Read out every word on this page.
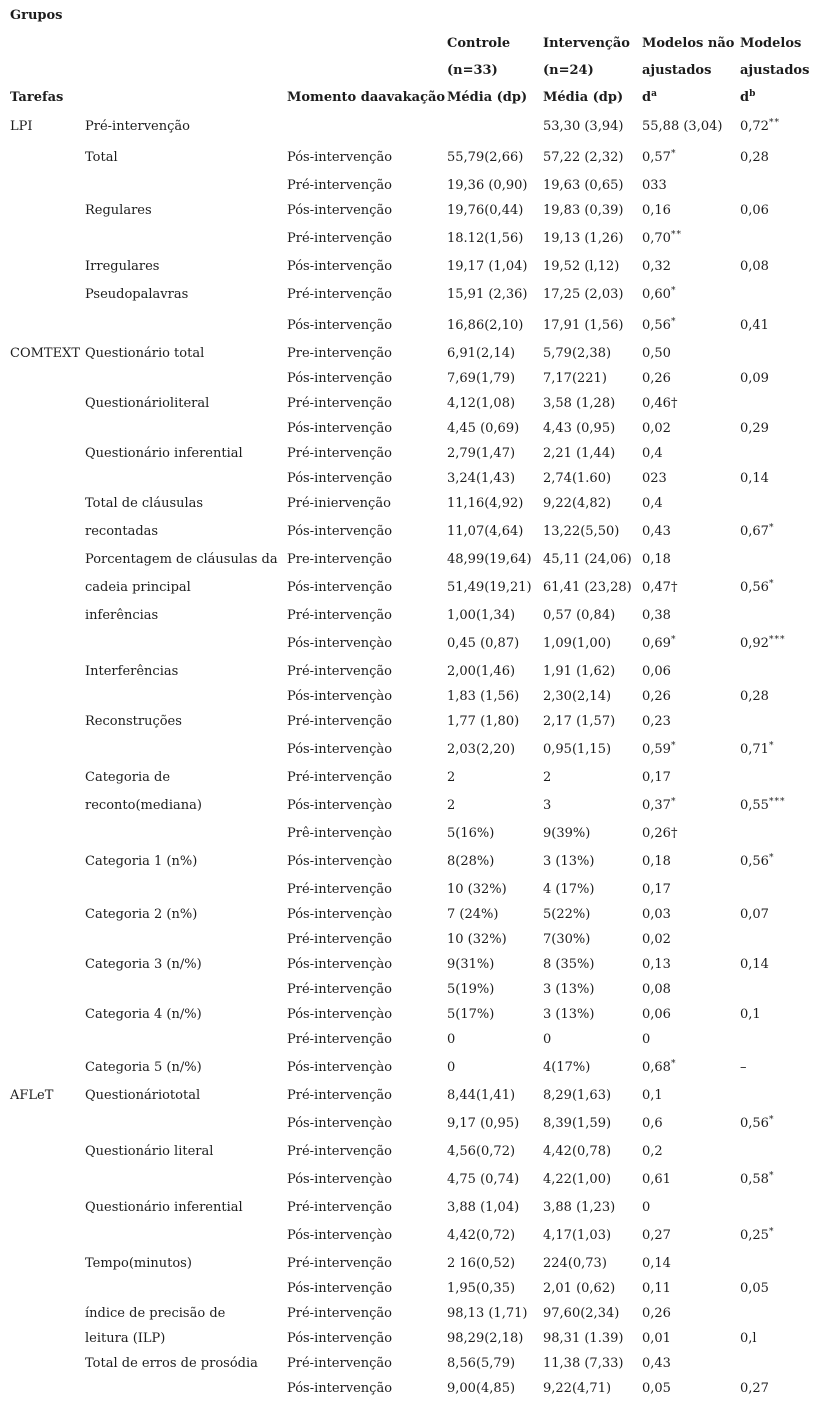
Grupos						
			Controle	Intervenção	Modelos não	Modelos
			(n=33)	(n=24)	ajustados	ajustados
Tarefas		Momento daavakação	Média (dp)	Média (dp)	$d^a$	$d^b$
LPI	Pré-intervenção			53,30 (3,94)	55,88 (3,04)	0,72**
	Total	Pós-intervenção	55,79(2,66)	57,22 (2,32)	0,57*	0,28
		Pré-intervenção	19,36 (0,90)	19,63 (0,65)	033	
	Regulares	Pós-intervenção	19,76(0,44)	19,83 (0,39)	0,16	0,06
		Pré-intervenção	18.12(1,56)	19,13 (1,26)	0,70**	
	Irregulares	Pós-intervenção	19,17 (1,04)	19,52 (l,12)	0,32	0,08
	Pseudopalavras	Pré-intervenção	15,91 (2,36)	17,25 (2,03)	0,60*	
		Pós-intervenção	16,86(2,10)	17,91 (1,56)	0,56*	0,41
COMTEXT	Questionário total	Pre-intervenção	6,91(2,14)	5,79(2,38)	0,50	
		Pós-intervenção	7,69(1,79)	7,17(221)	0,26	0,09
	Questionárioliteral	Pré-intervenção	4,12(1,08)	3,58 (1,28)	0,46†	
		Pós-intervenção	4,45 (0,69)	4,43 (0,95)	0,02	0,29
	Questionário inferential	Pré-intervenção	2,79(1,47)	2,21 (1,44)	0,4	
		Pós-intervenção	3,24(1,43)	2,74(1.60)	023	0,14
	Total de cláusulas	Pré-iniervenção	11,16(4,92)	9,22(4,82)	0,4	
	recontadas	Pós-intervenção	11,07(4,64)	13,22(5,50)	0,43	0,67*
	Porcentagem de cláusulas da	Pre-intervenção	48,99(19,64)	45,11 (24,06)	0,18	
	cadeia principal	Pós-intervenção	51,49(19,21)	61,41 (23,28)	0,47†	0,56*
	inferências	Pré-intervenção	1,00(1,34)	0,57 (0,84)	0,38	
		Pós-intervençào	0,45 (0,87)	1,09(1,00)	0,69*	0,92***
	Interferências	Pré-intervenção	2,00(1,46)	1,91 (1,62)	0,06	
		Pós-intervençào	1,83 (1,56)	2,30(2,14)	0,26	0,28
	Reconstruções	Pré-intervenção	1,77 (1,80)	2,17 (1,57)	0,23	
		Pós-intervençào	2,03(2,20)	0,95(1,15)	0,59*	0,71*
	Categoria de	Pré-intervenção	2	2	0,17	
	reconto(mediana)	Pós-intervençào	2	3	0,37*	0,55***
		Prê-intervençào	5(16%)	9(39%)	0,26†	
	Categoria 1 (n%)	Pós-intervençào	8(28%)	3 (13%)	0,18	0,56*
		Pré-intervenção	10 (32%)	4 (17%)	0,17	
	Categoria 2 (n%)	Pós-intervençào	7 (24%)	5(22%)	0,03	0,07
		Pré-intervenção	10 (32%)	7(30%)	0,02	
	Categoria 3 (n/%)	Pós-intervençào	9(31%)	8 (35%)	0,13	0,14
		Pré-intervenção	5(19%)	3 (13%)	0,08	
	Categoria 4 (n/%)	Pós-intervençào	5(17%)	3 (13%)	0,06	0,1
		Pré-intervenção	0	0	0	
	Categoria 5 (n/%)	Pós-intervençào	0	4(17%)	0,68*	–
AFLeT	Questionáriototal	Pré-intervenção	8,44(1,41)	8,29(1,63)	0,1	
		Pós-intervençào	9,17 (0,95)	8,39(1,59)	0,6	0,56*
	Questionário literal	Pré-intervenção	4,56(0,72)	4,42(0,78)	0,2	
		Pós-intervençào	4,75 (0,74)	4,22(1,00)	0,61	0,58*
	Questionário inferential	Pré-intervenção	3,88 (1,04)	3,88 (1,23)	0	
		Pós-intervençào	4,42(0,72)	4,17(1,03)	0,27	0,25*
	Tempo(minutos)	Pré-intervenção	2 16(0,52)	224(0,73)	0,14	
		Pós-intervenção	1,95(0,35)	2,01 (0,62)	0,11	0,05
	índice de precisão de	Pré-intervenção	98,13 (1,71)	97,60(2,34)	0,26	
	leitura (ILP)	Pós-intervenção	98,29(2,18)	98,31 (1.39)	0,01	0,l
	Total de erros de prosódia	Pré-intervenção	8,56(5,79)	11,38 (7,33)	0,43	
		Pós-intervenção	9,00(4,85)	9,22(4,71)	0,05	0,27
